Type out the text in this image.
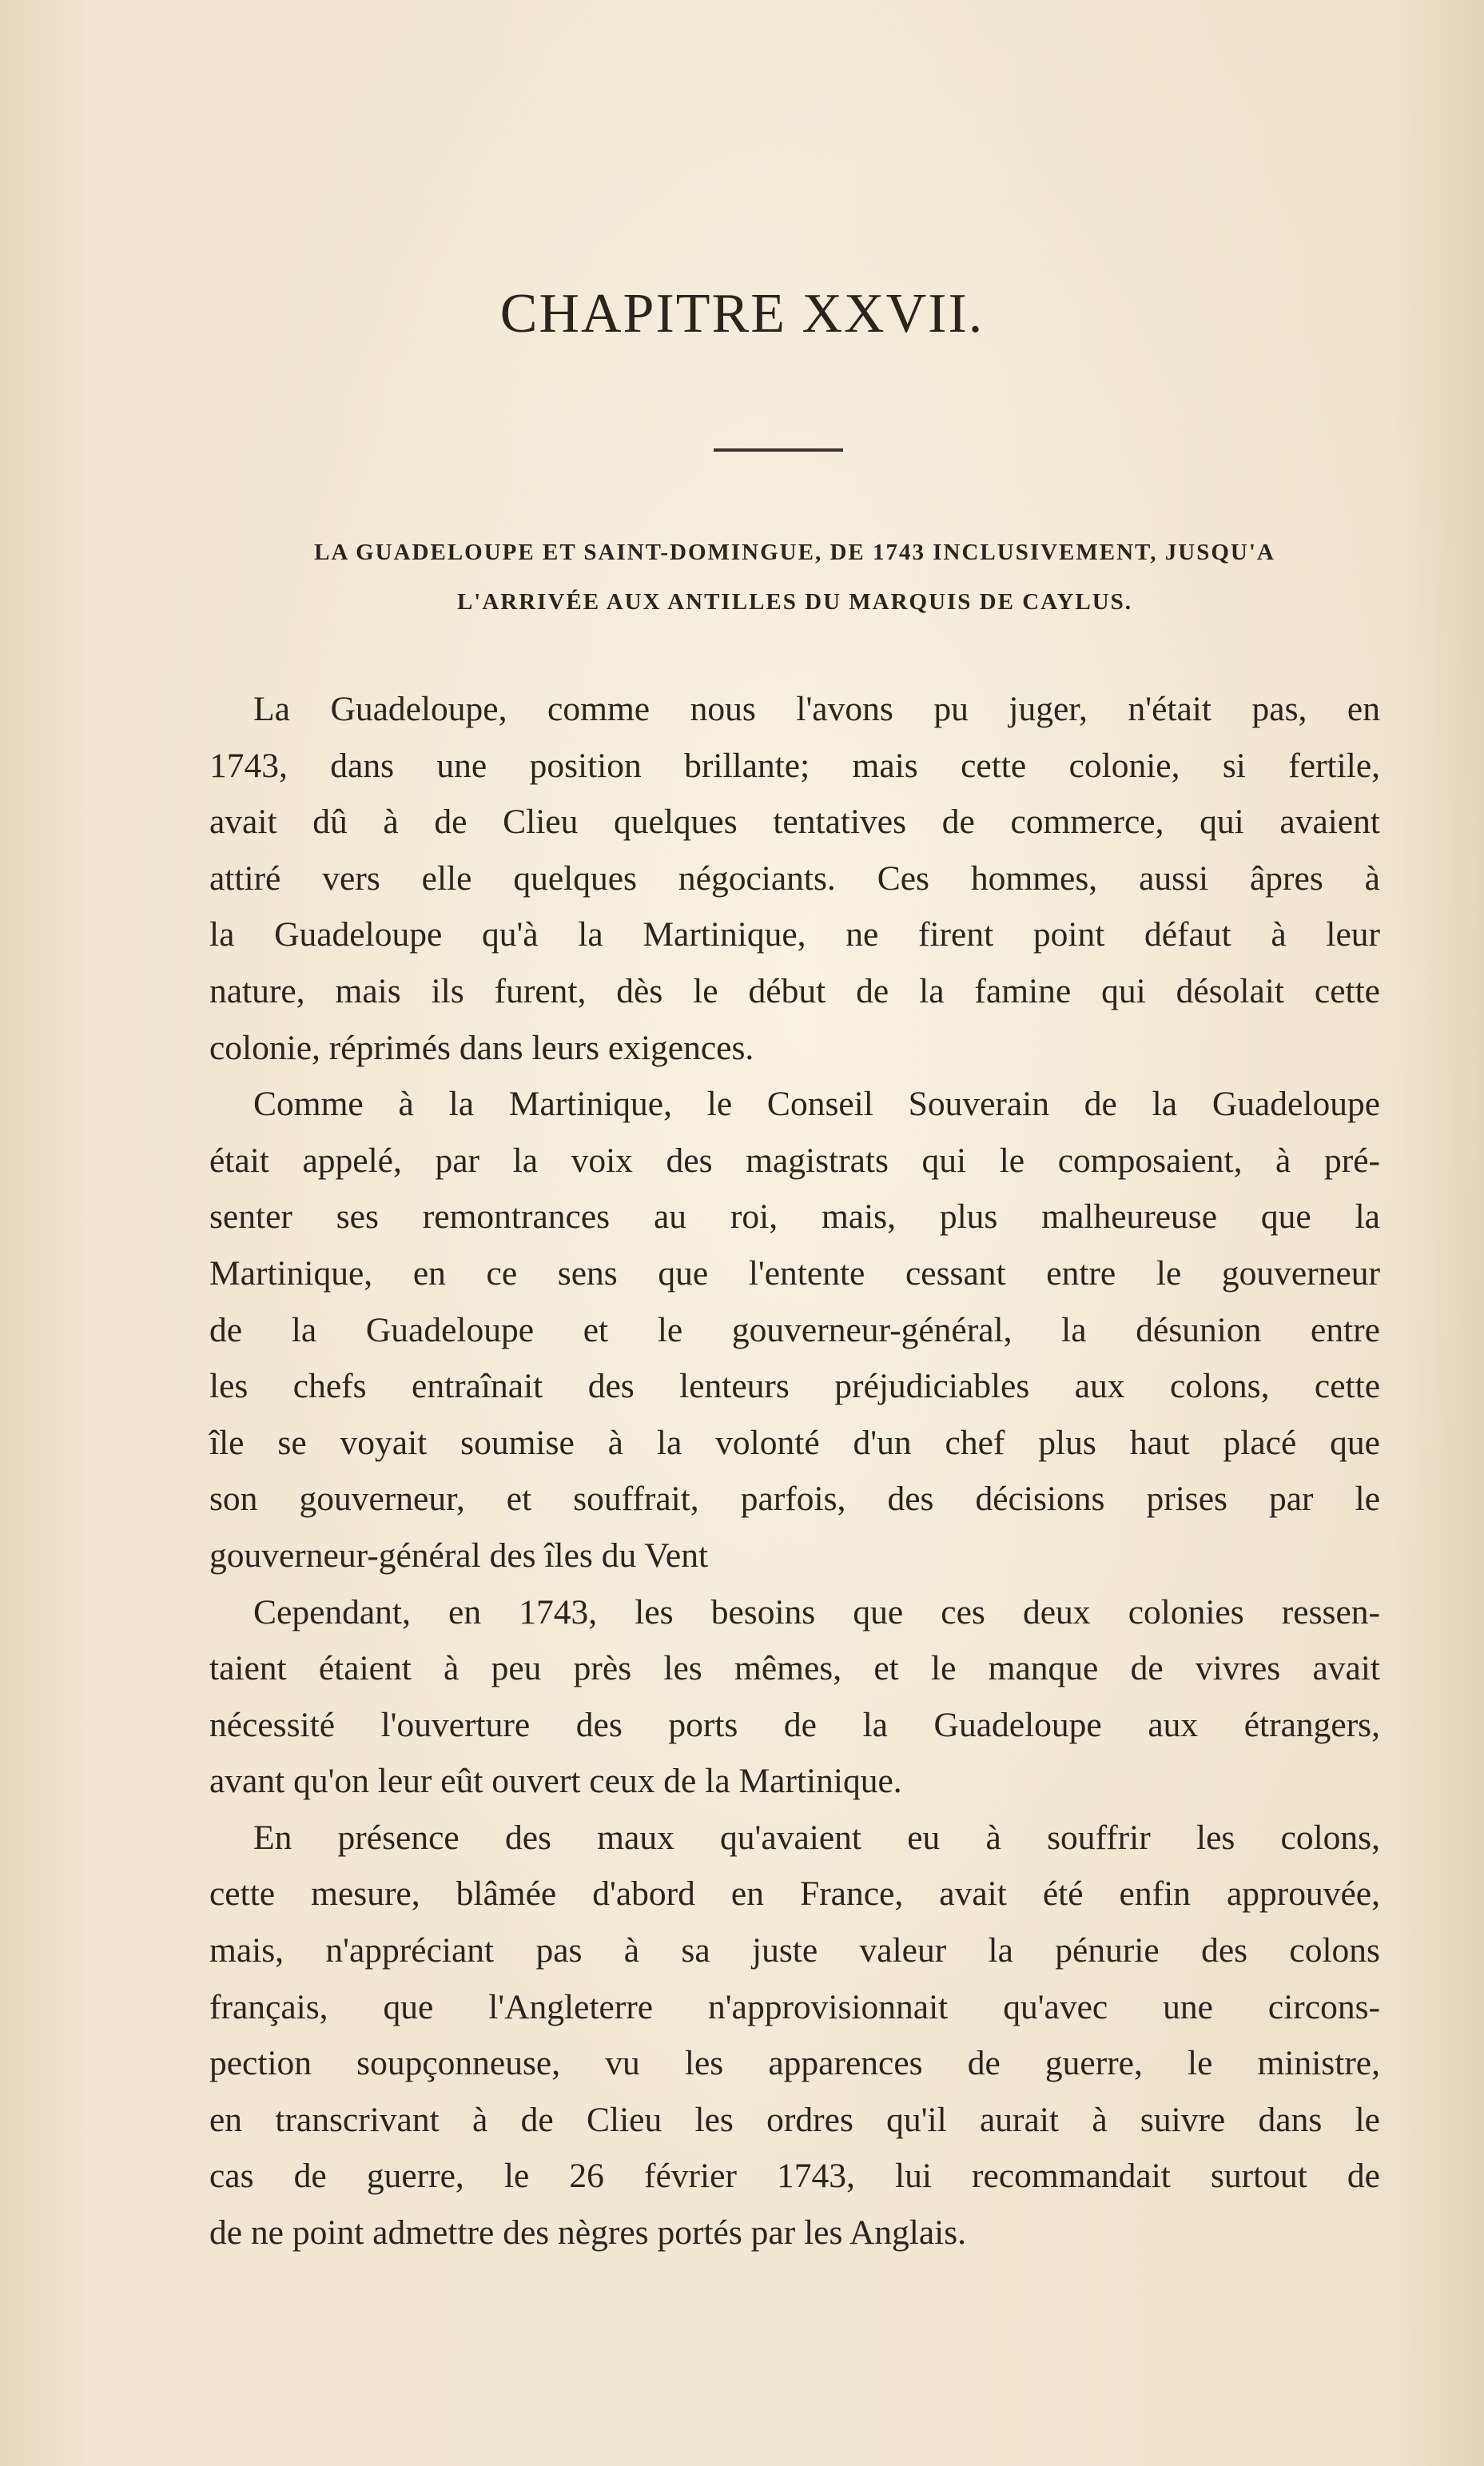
CHAPITRE XXVII.
LA GUADELOUPE ET SAINT-DOMINGUE, DE 1743 INCLUSIVEMENT, JUSQU'A
L'ARRIVÉE AUX ANTILLES DU MARQUIS DE CAYLUS.
La Guadeloupe, comme nous l'avons pu juger, n'était pas, en
1743, dans une position brillante; mais cette colonie, si fertile,
avait dû à de Clieu quelques tentatives de commerce, qui avaient
attiré vers elle quelques négociants. Ces hommes, aussi âpres à
la Guadeloupe qu'à la Martinique, ne firent point défaut à leur
nature, mais ils furent, dès le début de la famine qui désolait cette
colonie, réprimés dans leurs exigences.
Comme à la Martinique, le Conseil Souverain de la Guadeloupe
était appelé, par la voix des magistrats qui le composaient, à pré-
senter ses remontrances au roi, mais, plus malheureuse que la
Martinique, en ce sens que l'entente cessant entre le gouverneur
de la Guadeloupe et le gouverneur-général, la désunion entre
les chefs entraînait des lenteurs préjudiciables aux colons, cette
île se voyait soumise à la volonté d'un chef plus haut placé que
son gouverneur, et souffrait, parfois, des décisions prises par le
gouverneur-général des îles du Vent
Cependant, en 1743, les besoins que ces deux colonies ressen-
taient étaient à peu près les mêmes, et le manque de vivres avait
nécessité l'ouverture des ports de la Guadeloupe aux étrangers,
avant qu'on leur eût ouvert ceux de la Martinique.
En présence des maux qu'avaient eu à souffrir les colons,
cette mesure, blâmée d'abord en France, avait été enfin approuvée,
mais, n'appréciant pas à sa juste valeur la pénurie des colons
français, que l'Angleterre n'approvisionnait qu'avec une circons-
pection soupçonneuse, vu les apparences de guerre, le ministre,
en transcrivant à de Clieu les ordres qu'il aurait à suivre dans le
cas de guerre, le 26 février 1743, lui recommandait surtout de
de ne point admettre des nègres portés par les Anglais.
